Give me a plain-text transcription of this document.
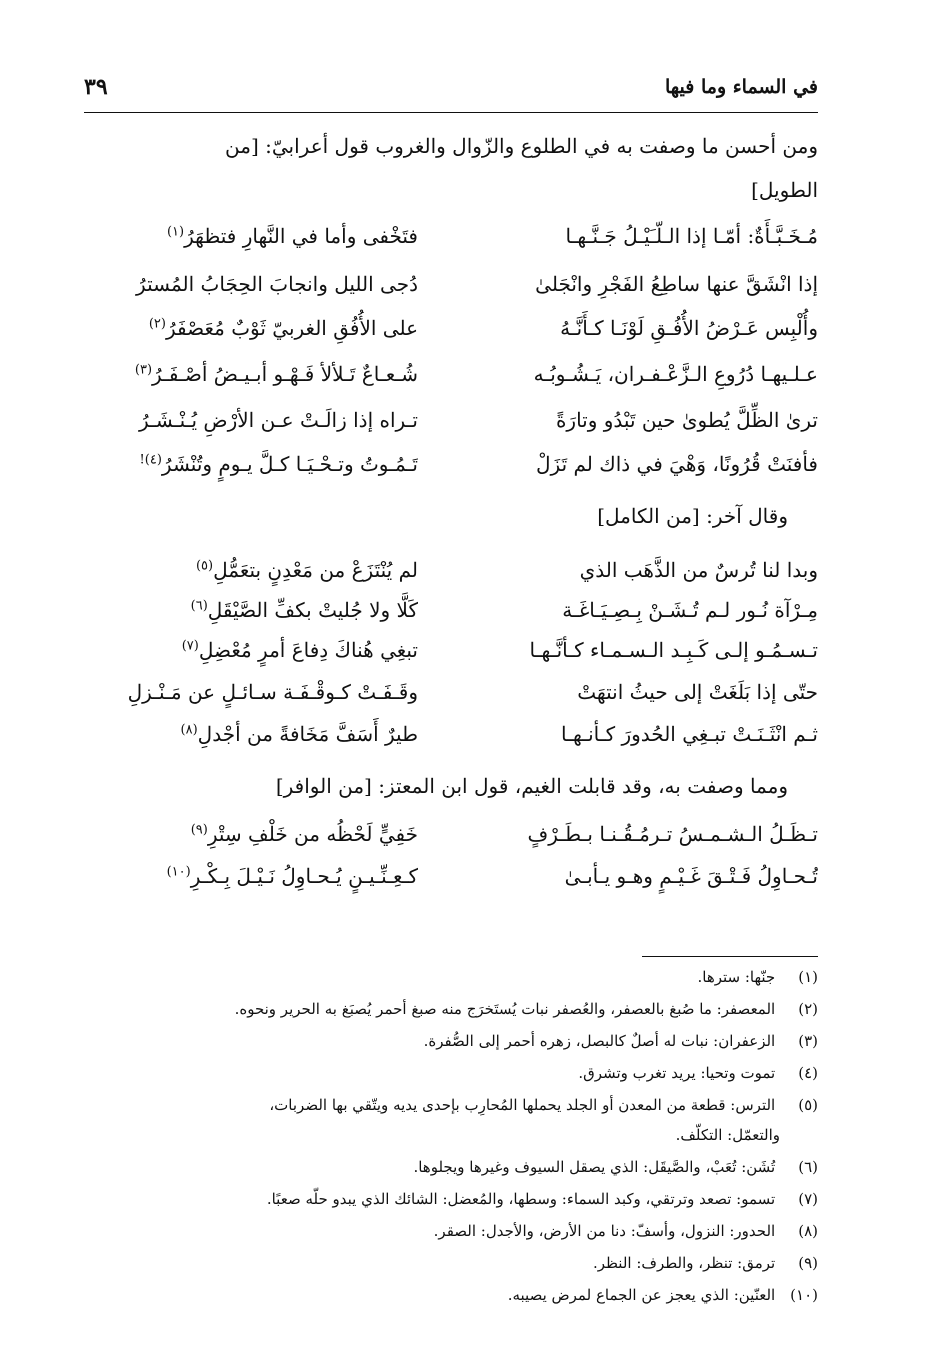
في السماء وما فيها
٣٩
ومن أحسن ما وصفت به في الطلوع والزّوال والغروب قول أعرابيّ: [من
الطويل]
مُـخَـبَّـأَةٌ: أمّـا إذا الـلّـَيْـلُ جَـنَّـهـا
فتَخْفى وأما في النَّهارِ فتظهَرُ$^{(١)}$
إذا انْشَقَّ عنها ساطِعُ الفَجْرِ وانْجَلىٰ
دُجى الليل وانجابَ الحِجَابُ المُسترُ
وأُلْبِس عَـرْضُ الأُفُـقِ لَوْنَـا كـأَنَّـهُ
على الأُفُقِ الغربيّ ثَوْبٌ مُعَصْفَرُ$^{(٢)}$
عـلـيهـا دُرُوعِ الـزَّعْـفـران، يَـشُـوبُـه
شُـعـاعٌ تَـلألأ فَـهْـو أبـيـضُ أصْـفَـرُ$^{(٣)}$
ترىٰ الظِّلَّ يُطوىٰ حين تَبْدُو وتارَةً
تـراه إذا زالَـتْ عـن الأرْضِ يُـنْـشَـرُ
فأفنَتْ قُرُونًا، وَهْيَ في ذاك لم تَزَلْ
تَـمُـوتُ وتـحْـيَـا كـلَّ يـومٍ وتُنْشَرُ$^{(٤)!}$
وقال آخر: [من الكامل]
وبدا لنا تُرسٌ من الذَّهَب الذي
لم يُنْتَزَعْ من مَعْدِنٍ بتعَمُّلِ$^{(٥)}$
مِـرْآة نُـور لـم تُـشَـنْ بِـصِـيَـاغَـة
كَلَّا ولا جُليتْ بكفِّ الصَّيْقَلِ$^{(٦)}$
تـسـمُـو إلـى كَـبِـد الـسـمـاء كـأنَّـهـا
تبغِي هُناكَ دِفاعَ أمرٍ مُعْضِلِ$^{(٧)}$
حتّى إذا بَلَغَتْ إلى حيثُ انتهَتْ
وقَـفَـتْ كـوقْـفَـة سـائـلٍ عن مَـنْـزلِ
ثـم انْثَـنَـتْ تبـغِي الحُدورَ كـأنـهـا
طيرٌ أَسَفَّ مَخَافةً من أجْدلِ$^{(٨)}$
ومما وصفت به، وقد قابلت الغيم، قول ابن المعتز: [من الوافر]
تـظَـلُ الـشـمـسُ تـرمُـقُـنـا بـطَـرْفٍ
خَفِيٍّ لَحْظُه من خَلْفِ سِتْرِ$^{(٩)}$
تُـحـاوِلُ فَـتْـقَ غَـيْـمٍ وهـو يـأبـىٰ
كـعِـنِّـيـنٍ يُـحـاوِلُ نَـيْـلَ بِـكْـرِ$^{(١٠)}$
(١) جنّها: سترها.
(٢) المعصفر: ما صُبغ بالعصفر، والعُصفر نبات يُستَخرَج منه صبغ أحمر يُصبَغ به الحرير ونحوه.
(٣) الزعفران: نبات له أصلٌ كالبصل، زهره أحمر إلى الصُّفرة.
(٤) تموت وتحيا: يريد تغرب وتشرق.
(٥) الترس: قطعة من المعدن أو الجلد يحملها المُحارِب بإحدى يديه ويتّقي بها الضربات،
والتعمّل: التكلّف.
(٦) تُشَن: تُعَبْ، والصَّيقَل: الذي يصقل السيوف وغيرها ويجلوها.
(٧) تسمو: تصعد وترتقي، وكبد السماء: وسطها، والمُعضل: الشائك الذي يبدو حلّه صعبًا.
(٨) الحدور: النزول، وأسفّ: دنا من الأرض، والأجدل: الصقر.
(٩) ترمق: تنظر، والطرف: النظر.
(١٠) العنّين: الذي يعجز عن الجماع لمرض يصيبه.
